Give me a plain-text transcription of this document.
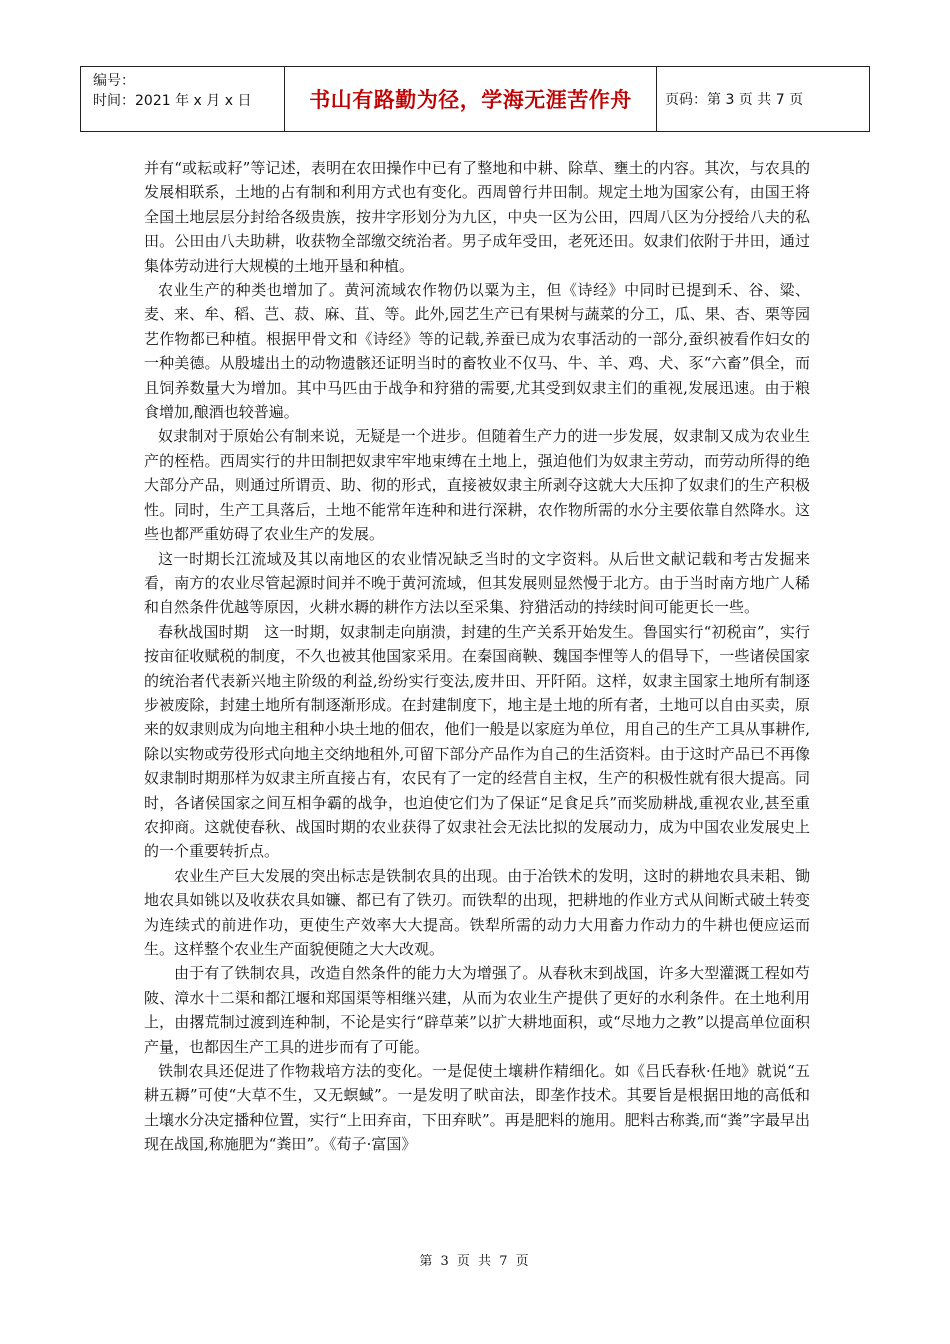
编号：
时间：2021 年 x 月 x 日	书山有路勤为径，学海无涯苦作舟	页码：第 3 页 共 7 页

并有“或耘或耔”等记述，表明在农田操作中已有了整地和中耕、除草、壅土的内容。其次，与农具的发展相联系，土地的占有制和利用方式也有变化。西周曾行井田制。规定土地为国家公有，由国王将全国土地层层分封给各级贵族，按井字形划分为九区，中央一区为公田，四周八区为分授给八夫的私田。公田由八夫助耕，收获物全部缴交统治者。男子成年受田，老死还田。奴隶们依附于井田，通过集体劳动进行大规模的土地开垦和种植。

农业生产的种类也增加了。黄河流域农作物仍以粟为主，但《诗经》中同时已提到禾、谷、粱、麦、来、牟、稻、芑、菽、麻、苴、等。此外,园艺生产已有果树与蔬菜的分工，瓜、果、杏、栗等园艺作物都已种植。根据甲骨文和《诗经》等的记载,养蚕已成为农事活动的一部分,蚕织被看作妇女的一种美德。从殷墟出土的动物遗骸还证明当时的畜牧业不仅马、牛、羊、鸡、犬、豕“六畜”俱全，而且饲养数量大为增加。其中马匹由于战争和狩猎的需要,尤其受到奴隶主们的重视,发展迅速。由于粮食增加,酿酒也较普遍。

奴隶制对于原始公有制来说，无疑是一个进步。但随着生产力的进一步发展，奴隶制又成为农业生产的桎梏。西周实行的井田制把奴隶牢牢地束缚在土地上，强迫他们为奴隶主劳动，而劳动所得的绝大部分产品，则通过所谓贡、助、彻的形式，直接被奴隶主所剥夺这就大大压抑了奴隶们的生产积极性。同时，生产工具落后，土地不能常年连种和进行深耕，农作物所需的水分主要依靠自然降水。这些也都严重妨碍了农业生产的发展。

这一时期长江流域及其以南地区的农业情况缺乏当时的文字资料。从后世文献记载和考古发掘来看，南方的农业尽管起源时间并不晚于黄河流域，但其发展则显然慢于北方。由于当时南方地广人稀和自然条件优越等原因，火耕水耨的耕作方法以至采集、狩猎活动的持续时间可能更长一些。

春秋战国时期　这一时期，奴隶制走向崩溃，封建的生产关系开始发生。鲁国实行“初税亩”，实行按亩征收赋税的制度，不久也被其他国家采用。在秦国商鞅、魏国李悝等人的倡导下，一些诸侯国家的统治者代表新兴地主阶级的利益,纷纷实行变法,废井田、开阡陌。这样，奴隶主国家土地所有制逐步被废除，封建土地所有制逐渐形成。在封建制度下，地主是土地的所有者，土地可以自由买卖，原来的奴隶则成为向地主租种小块土地的佃农，他们一般是以家庭为单位，用自己的生产工具从事耕作,除以实物或劳役形式向地主交纳地租外,可留下部分产品作为自己的生活资料。由于这时产品已不再像奴隶制时期那样为奴隶主所直接占有，农民有了一定的经营自主权，生产的积极性就有很大提高。同时，各诸侯国家之间互相争霸的战争，也迫使它们为了保证“足食足兵”而奖励耕战,重视农业,甚至重农抑商。这就使春秋、战国时期的农业获得了奴隶社会无法比拟的发展动力，成为中国农业发展史上的一个重要转折点。

农业生产巨大发展的突出标志是铁制农具的出现。由于冶铁术的发明，这时的耕地农具耒耜、锄地农具如铫以及收获农具如镰、都已有了铁刃。而铁犁的出现，把耕地的作业方式从间断式破土转变为连续式的前进作功，更使生产效率大大提高。铁犁所需的动力大用畜力作动力的牛耕也便应运而生。这样整个农业生产面貌便随之大大改观。

由于有了铁制农具，改造自然条件的能力大为增强了。从春秋末到战国，许多大型灌溉工程如芍陂、漳水十二渠和都江堰和郑国渠等相继兴建，从而为农业生产提供了更好的水利条件。在土地利用上，由撂荒制过渡到连种制，不论是实行“辟草莱”以扩大耕地面积，或“尽地力之教”以提高单位面积产量，也都因生产工具的进步而有了可能。

铁制农具还促进了作物栽培方法的变化。一是促使土壤耕作精细化。如《吕氏春秋·任地》就说“五耕五耨”可使“大草不生，又无螟蜮”。一是发明了畎亩法，即垄作技术。其要旨是根据田地的高低和土壤水分决定播种位置，实行“上田弃亩，下田弃畎”。再是肥料的施用。肥料古称粪,而“粪”字最早出现在战国,称施肥为“粪田”。《荀子·富国》

第 3 页 共 7 页
